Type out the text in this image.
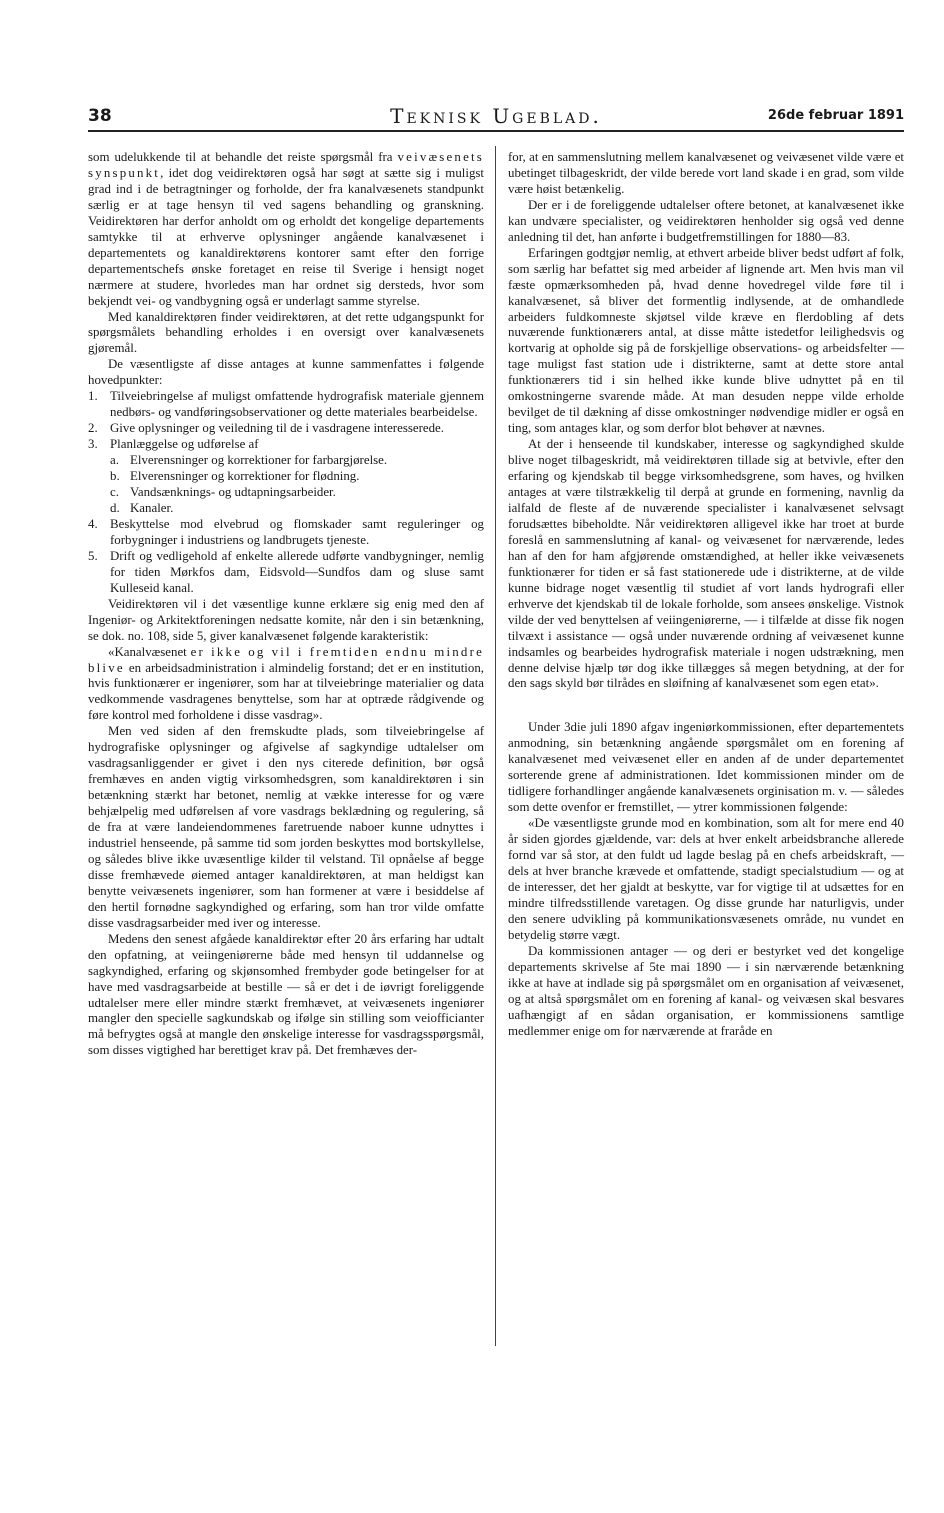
38	Teknisk Ugeblad.	26de februar 1891

som udelukkende til at behandle det reiste spørgsmål fra veivæsenets synspunkt, idet dog veidirektøren også har søgt at sætte sig i muligst grad ind i de betragtninger og forholde, der fra kanalvæsenets standpunkt særlig er at tage hensyn til ved sagens behandling og granskning. Veidirektøren har derfor anholdt om og erholdt det kongelige departements samtykke til at erhverve oplysninger angående kanalvæsenet i departementets og kanaldirektørens kontorer samt efter den forrige departementschefs ønske foretaget en reise til Sverige i hensigt noget nærmere at studere, hvorledes man har ordnet sig dersteds, hvor som bekjendt vei- og vandbygning også er underlagt samme styrelse.

Med kanaldirektøren finder veidirektøren, at det rette udgangspunkt for spørgsmålets behandling erholdes i en oversigt over kanalvæsenets gjøremål.

De væsentligste af disse antages at kunne sammenfattes i følgende hovedpunkter:

1. Tilveiebringelse af muligst omfattende hydrografisk materiale gjennem nedbørs- og vandføringsobservationer og dette materiales bearbeidelse.
2. Give oplysninger og veiledning til de i vasdragene interesserede.
3. Planlæggelse og udførelse af
a. Elverensninger og korrektioner for farbargjørelse.
b. Elverensninger og korrektioner for flødning.
c. Vandsænknings- og udtapningsarbeider.
d. Kanaler.
4. Beskyttelse mod elvebrud og flomskader samt reguleringer og forbygninger i industriens og landbrugets tjeneste.
5. Drift og vedligehold af enkelte allerede udførte vandbygninger, nemlig for tiden Mørkfos dam, Eidsvold—Sundfos dam og sluse samt Kulleseid kanal.

Veidirektøren vil i det væsentlige kunne erklære sig enig med den af Ingeniør- og Arkitektforeningen nedsatte komite, når den i sin betænkning, se dok. no. 108, side 5, giver kanalvæsenet følgende karakteristik:

«Kanalvæsenet er ikke og vil i fremtiden endnu mindre blive en arbeidsadministration i almindelig forstand; det er en institution, hvis funktionærer er ingeniører, som har at tilveiebringe materialier og data vedkommende vasdragenes benyttelse, som har at optræde rådgivende og føre kontrol med forholdene i disse vasdrag».

Men ved siden af den fremskudte plads, som tilveiebringelse af hydrografiske oplysninger og afgivelse af sagkyndige udtalelser om vasdragsanliggender er givet i den nys citerede definition, bør også fremhæves en anden vigtig virksomhedsgren, som kanaldirektøren i sin betænkning stærkt har betonet, nemlig at vække interesse for og være behjælpelig med udførelsen af vore vasdrags beklædning og regulering, så de fra at være landeiendommenes faretruende naboer kunne udnyttes i industriel henseende, på samme tid som jorden beskyttes mod bortskyllelse, og således blive ikke uvæsentlige kilder til velstand. Til opnåelse af begge disse fremhævede øiemed antager kanaldirektøren, at man heldigst kan benytte veivæsenets ingeniører, som han formener at være i besiddelse af den hertil fornødne sagkyndighed og erfaring, som han tror vilde omfatte disse vasdragsarbeider med iver og interesse.

Medens den senest afgåede kanaldirektør efter 20 års erfaring har udtalt den opfatning, at veiingeniørerne både med hensyn til uddannelse og sagkyndighed, erfaring og skjønsomhed frembyder gode betingelser for at have med vasdragsarbeide at bestille — så er det i de iøvrigt foreliggende udtalelser mere eller mindre stærkt fremhævet, at veivæsenets ingeniører mangler den specielle sagkundskab og ifølge sin stilling som veiofficianter må befrygtes også at mangle den ønskelige interesse for vasdragsspørgsmål, som disses vigtighed har berettiget krav på. Det fremhæves der-

for, at en sammenslutning mellem kanalvæsenet og veivæsenet vilde være et ubetinget tilbageskridt, der vilde berede vort land skade i en grad, som vilde være høist betænkelig.

Der er i de foreliggende udtalelser oftere betonet, at kanalvæsenet ikke kan undvære specialister, og veidirektøren henholder sig også ved denne anledning til det, han anførte i budgetfremstillingen for 1880—83.

Erfaringen godtgjør nemlig, at ethvert arbeide bliver bedst udført af folk, som særlig har befattet sig med arbeider af lignende art. Men hvis man vil fæste opmærksomheden på, hvad denne hovedregel vilde føre til i kanalvæsenet, så bliver det formentlig indlysende, at de omhandlede arbeiders fuldkomneste skjøtsel vilde kræve en flerdobling af dets nuværende funktionærers antal, at disse måtte istedetfor leilighedsvis og kortvarig at opholde sig på de forskjellige observations- og arbeidsfelter — tage muligst fast station ude i distrikterne, samt at dette store antal funktionærers tid i sin helhed ikke kunde blive udnyttet på en til omkostningerne svarende måde. At man desuden neppe vilde erholde bevilget de til dækning af disse omkostninger nødvendige midler er også en ting, som antages klar, og som derfor blot behøver at nævnes.

At der i henseende til kundskaber, interesse og sagkyndighed skulde blive noget tilbageskridt, må veidirektøren tillade sig at betvivle, efter den erfaring og kjendskab til begge virksomhedsgrene, som haves, og hvilken antages at være tilstrækkelig til derpå at grunde en formening, navnlig da ialfald de fleste af de nuværende specialister i kanalvæsenet selvsagt forudsættes bibeholdte. Når veidirektøren alligevel ikke har troet at burde foreslå en sammenslutning af kanal- og veivæsenet for nærværende, ledes han af den for ham afgjørende omstændighed, at heller ikke veivæsenets funktionærer for tiden er så fast stationerede ude i distrikterne, at de vilde kunne bidrage noget væsentlig til studiet af vort lands hydrografi eller erhverve det kjendskab til de lokale forholde, som ansees ønskelige. Vistnok vilde der ved benyttelsen af veiingeniørerne, — i tilfælde at disse fik nogen tilvæxt i assistance — også under nuværende ordning af veivæsenet kunne indsamles og bearbeides hydrografisk materiale i nogen udstrækning, men denne delvise hjælp tør dog ikke tillægges så megen betydning, at der for den sags skyld bør tilrådes en sløifning af kanalvæsenet som egen etat».

Under 3die juli 1890 afgav ingeniørkommissionen, efter departementets anmodning, sin betænkning angående spørgsmålet om en forening af kanalvæsenet med veivæsenet eller en anden af de under departementet sorterende grene af administrationen. Idet kommissionen minder om de tidligere forhandlinger angående kanalvæsenets orginisation m. v. — således som dette ovenfor er fremstillet, — ytrer kommissionen følgende:

«De væsentligste grunde mod en kombination, som alt for mere end 40 år siden gjordes gjældende, var: dels at hver enkelt arbeidsbranche allerede fornd var så stor, at den fuldt ud lagde beslag på en chefs arbeidskraft, — dels at hver branche krævede et omfattende, stadigt specialstudium — og at de interesser, det her gjaldt at beskytte, var for vigtige til at udsættes for en mindre tilfredsstillende varetagen. Og disse grunde har naturligvis, under den senere udvikling på kommunikationsvæsenets område, nu vundet en betydelig større vægt.

Da kommissionen antager — og deri er bestyrket ved det kongelige departements skrivelse af 5te mai 1890 — i sin nærværende betænkning ikke at have at indlade sig på spørgsmålet om en organisation af veivæsenet, og at altså spørgsmålet om en forening af kanal- og veivæsen skal besvares uafhængigt af en sådan organisation, er kommissionens samtlige medlemmer enige om for nærværende at fraråde en
